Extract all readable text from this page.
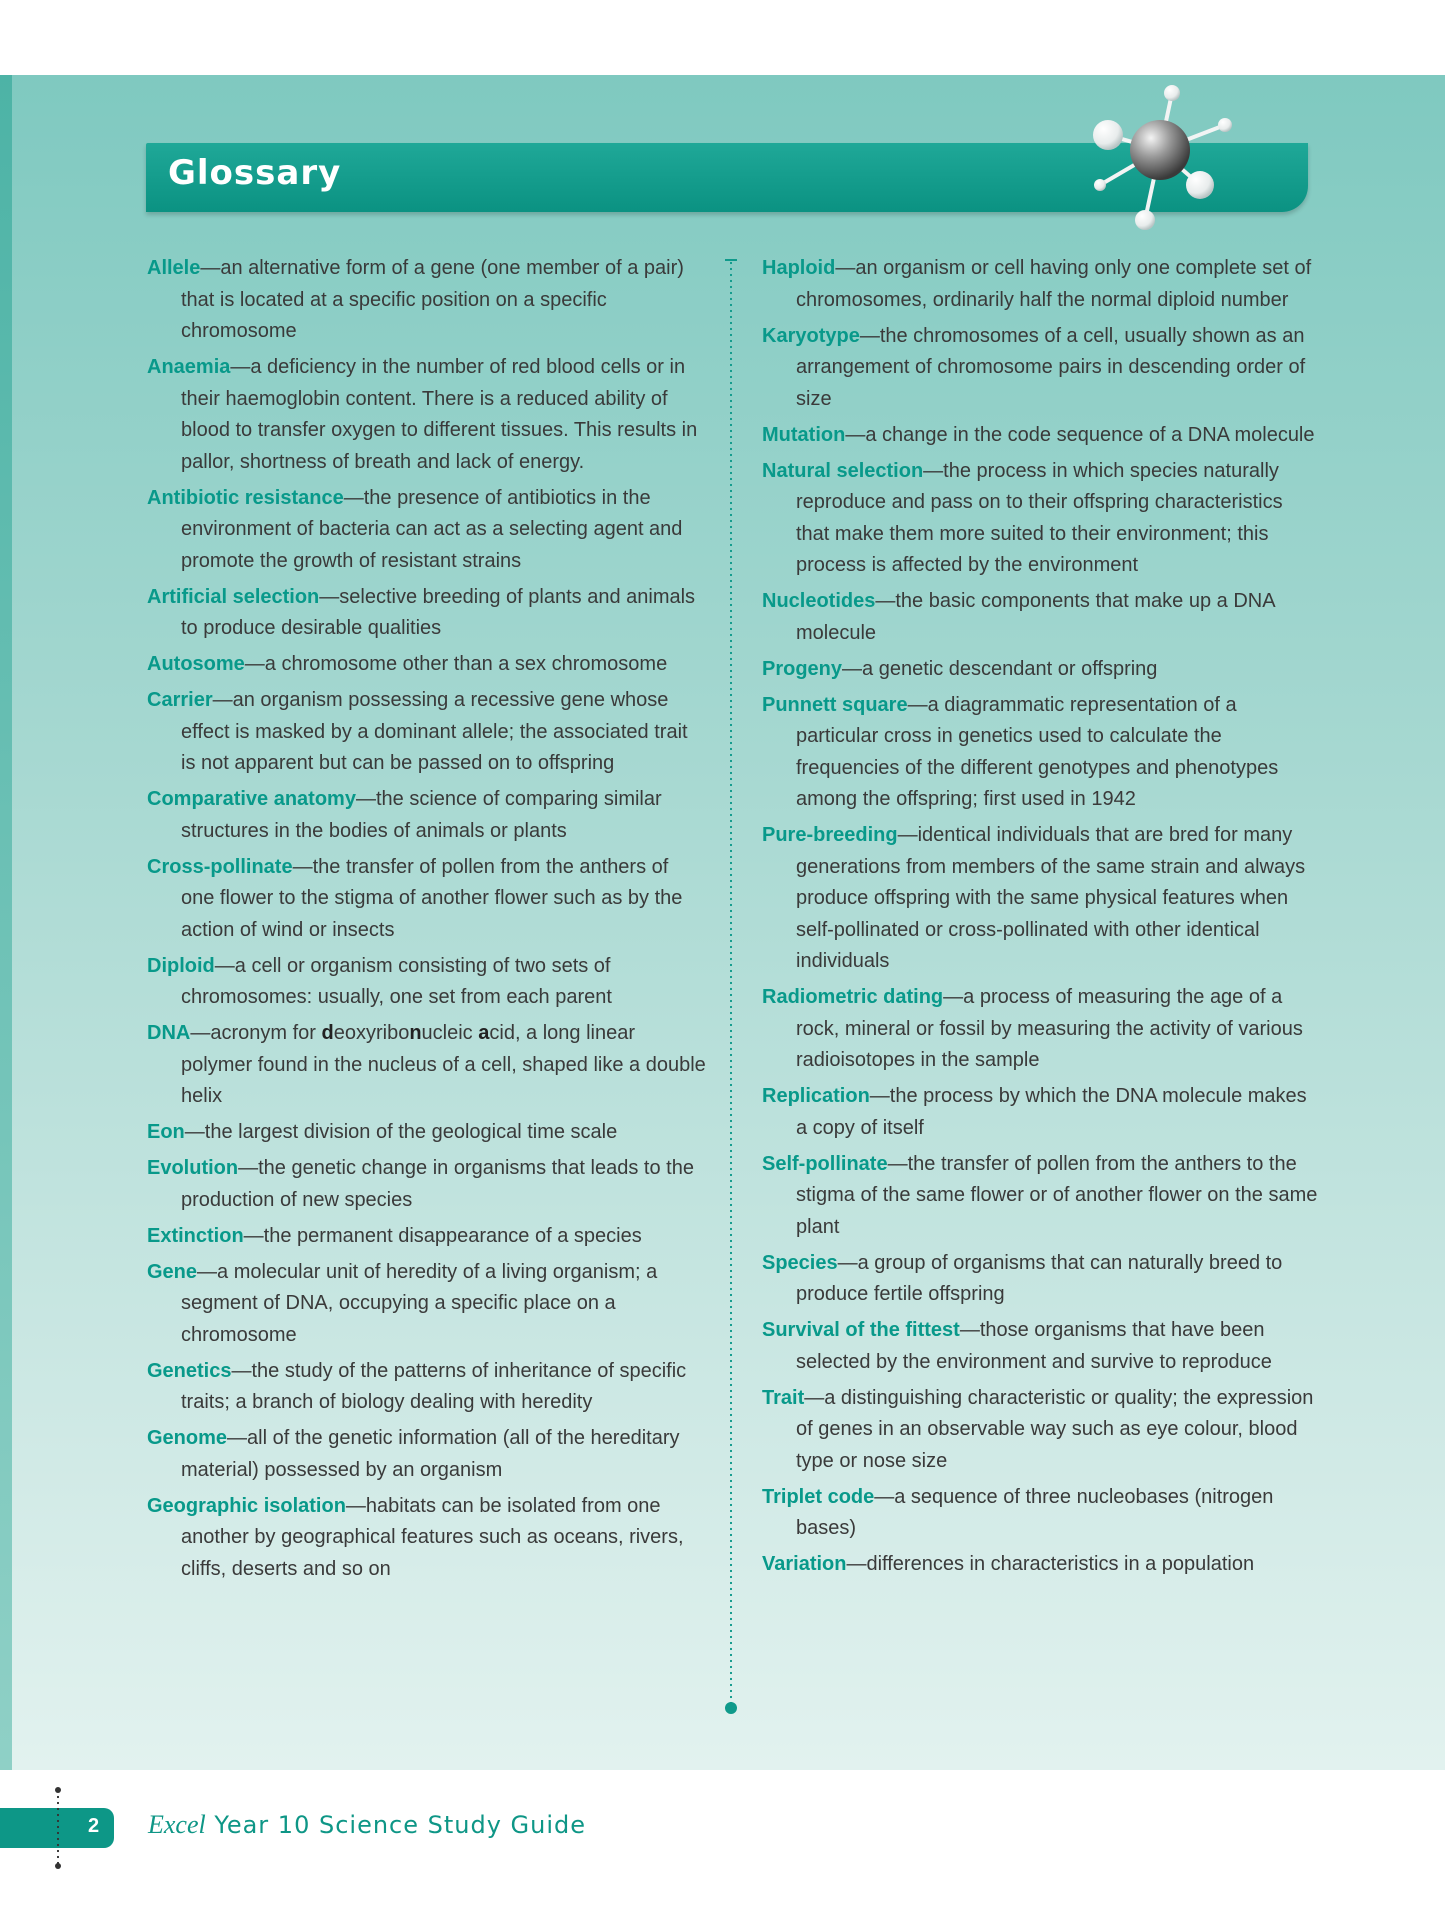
Glossary

Allele—an alternative form of a gene (one member of a pair) that is located at a specific position on a specific chromosome

Anaemia—a deficiency in the number of red blood cells or in their haemoglobin content. There is a reduced ability of blood to transfer oxygen to different tissues. This results in pallor, shortness of breath and lack of energy.

Antibiotic resistance—the presence of antibiotics in the environment of bacteria can act as a selecting agent and promote the growth of resistant strains

Artificial selection—selective breeding of plants and animals to produce desirable qualities

Autosome—a chromosome other than a sex chromosome

Carrier—an organism possessing a recessive gene whose effect is masked by a dominant allele; the associated trait is not apparent but can be passed on to offspring

Comparative anatomy—the science of comparing similar structures in the bodies of animals or plants

Cross-pollinate—the transfer of pollen from the anthers of one flower to the stigma of another flower such as by the action of wind or insects

Diploid—a cell or organism consisting of two sets of chromosomes: usually, one set from each parent

DNA—acronym for deoxyribonucleic acid, a long linear polymer found in the nucleus of a cell, shaped like a double helix

Eon—the largest division of the geological time scale

Evolution—the genetic change in organisms that leads to the production of new species

Extinction—the permanent disappearance of a species

Gene—a molecular unit of heredity of a living organism; a segment of DNA, occupying a specific place on a chromosome

Genetics—the study of the patterns of inheritance of specific traits; a branch of biology dealing with heredity

Genome—all of the genetic information (all of the hereditary material) possessed by an organism

Geographic isolation—habitats can be isolated from one another by geographical features such as oceans, rivers, cliffs, deserts and so on

Haploid—an organism or cell having only one complete set of chromosomes, ordinarily half the normal diploid number

Karyotype—the chromosomes of a cell, usually shown as an arrangement of chromosome pairs in descending order of size

Mutation—a change in the code sequence of a DNA molecule

Natural selection—the process in which species naturally reproduce and pass on to their offspring characteristics that make them more suited to their environment; this process is affected by the environment

Nucleotides—the basic components that make up a DNA molecule

Progeny—a genetic descendant or offspring

Punnett square—a diagrammatic representation of a particular cross in genetics used to calculate the frequencies of the different genotypes and phenotypes among the offspring; first used in 1942

Pure-breeding—identical individuals that are bred for many generations from members of the same strain and always produce offspring with the same physical features when self-pollinated or cross-pollinated with other identical individuals

Radiometric dating—a process of measuring the age of a rock, mineral or fossil by measuring the activity of various radioisotopes in the sample

Replication—the process by which the DNA molecule makes a copy of itself

Self-pollinate—the transfer of pollen from the anthers to the stigma of the same flower or of another flower on the same plant

Species—a group of organisms that can naturally breed to produce fertile offspring

Survival of the fittest—those organisms that have been selected by the environment and survive to reproduce

Trait—a distinguishing characteristic or quality; the expression of genes in an observable way such as eye colour, blood type or nose size

Triplet code—a sequence of three nucleobases (nitrogen bases)

Variation—differences in characteristics in a population

2 Excel Year 10 Science Study Guide
